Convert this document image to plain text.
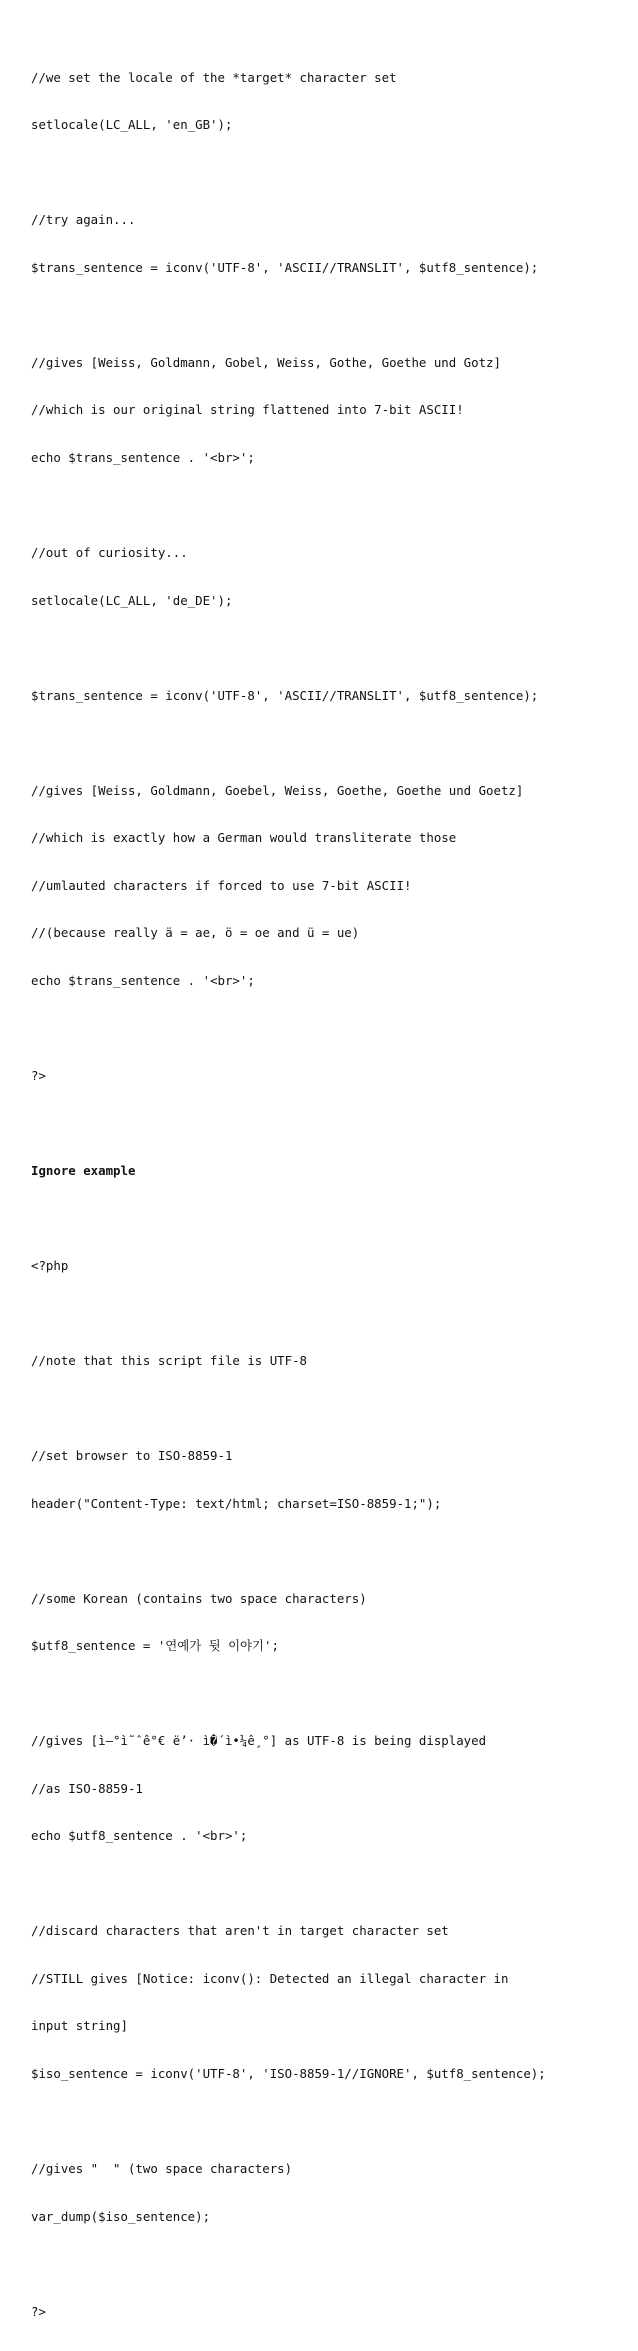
//we set the locale of the *target* character set

setlocale(LC_ALL, 'en_GB');

//try again...

$trans_sentence = iconv('UTF-8', 'ASCII//TRANSLIT', $utf8_sentence);

//gives [Weiss, Goldmann, Gobel, Weiss, Gothe, Goethe und Gotz]

//which is our original string flattened into 7-bit ASCII!

echo $trans_sentence . '<br>';

//out of curiosity...

setlocale(LC_ALL, 'de_DE');

$trans_sentence = iconv('UTF-8', 'ASCII//TRANSLIT', $utf8_sentence);

//gives [Weiss, Goldmann, Goebel, Weiss, Goethe, Goethe und Goetz]

//which is exactly how a German would transliterate those

//umlauted characters if forced to use 7-bit ASCII!

//(because really ä = ae, ö = oe and ü = ue)

echo $trans_sentence . '<br>';

?>

Ignore example

<?php

//note that this script file is UTF-8

//set browser to ISO-8859-1

header("Content-Type: text/html; charset=ISO-8859-1;");

//some Korean (contains two space characters)

$utf8_sentence = '연예가 뒷 이야기';

//gives [ì—°ì˜ˆê°€ ë’· ì�´ì•¼ê¸°] as UTF-8 is being displayed

//as ISO-8859-1

echo $utf8_sentence . '<br>';

//discard characters that aren't in target character set

//STILL gives [Notice: iconv(): Detected an illegal character in

input string]

$iso_sentence = iconv('UTF-8', 'ISO-8859-1//IGNORE', $utf8_sentence);

//gives "  " (two space characters)

var_dump($iso_sentence);

?>
